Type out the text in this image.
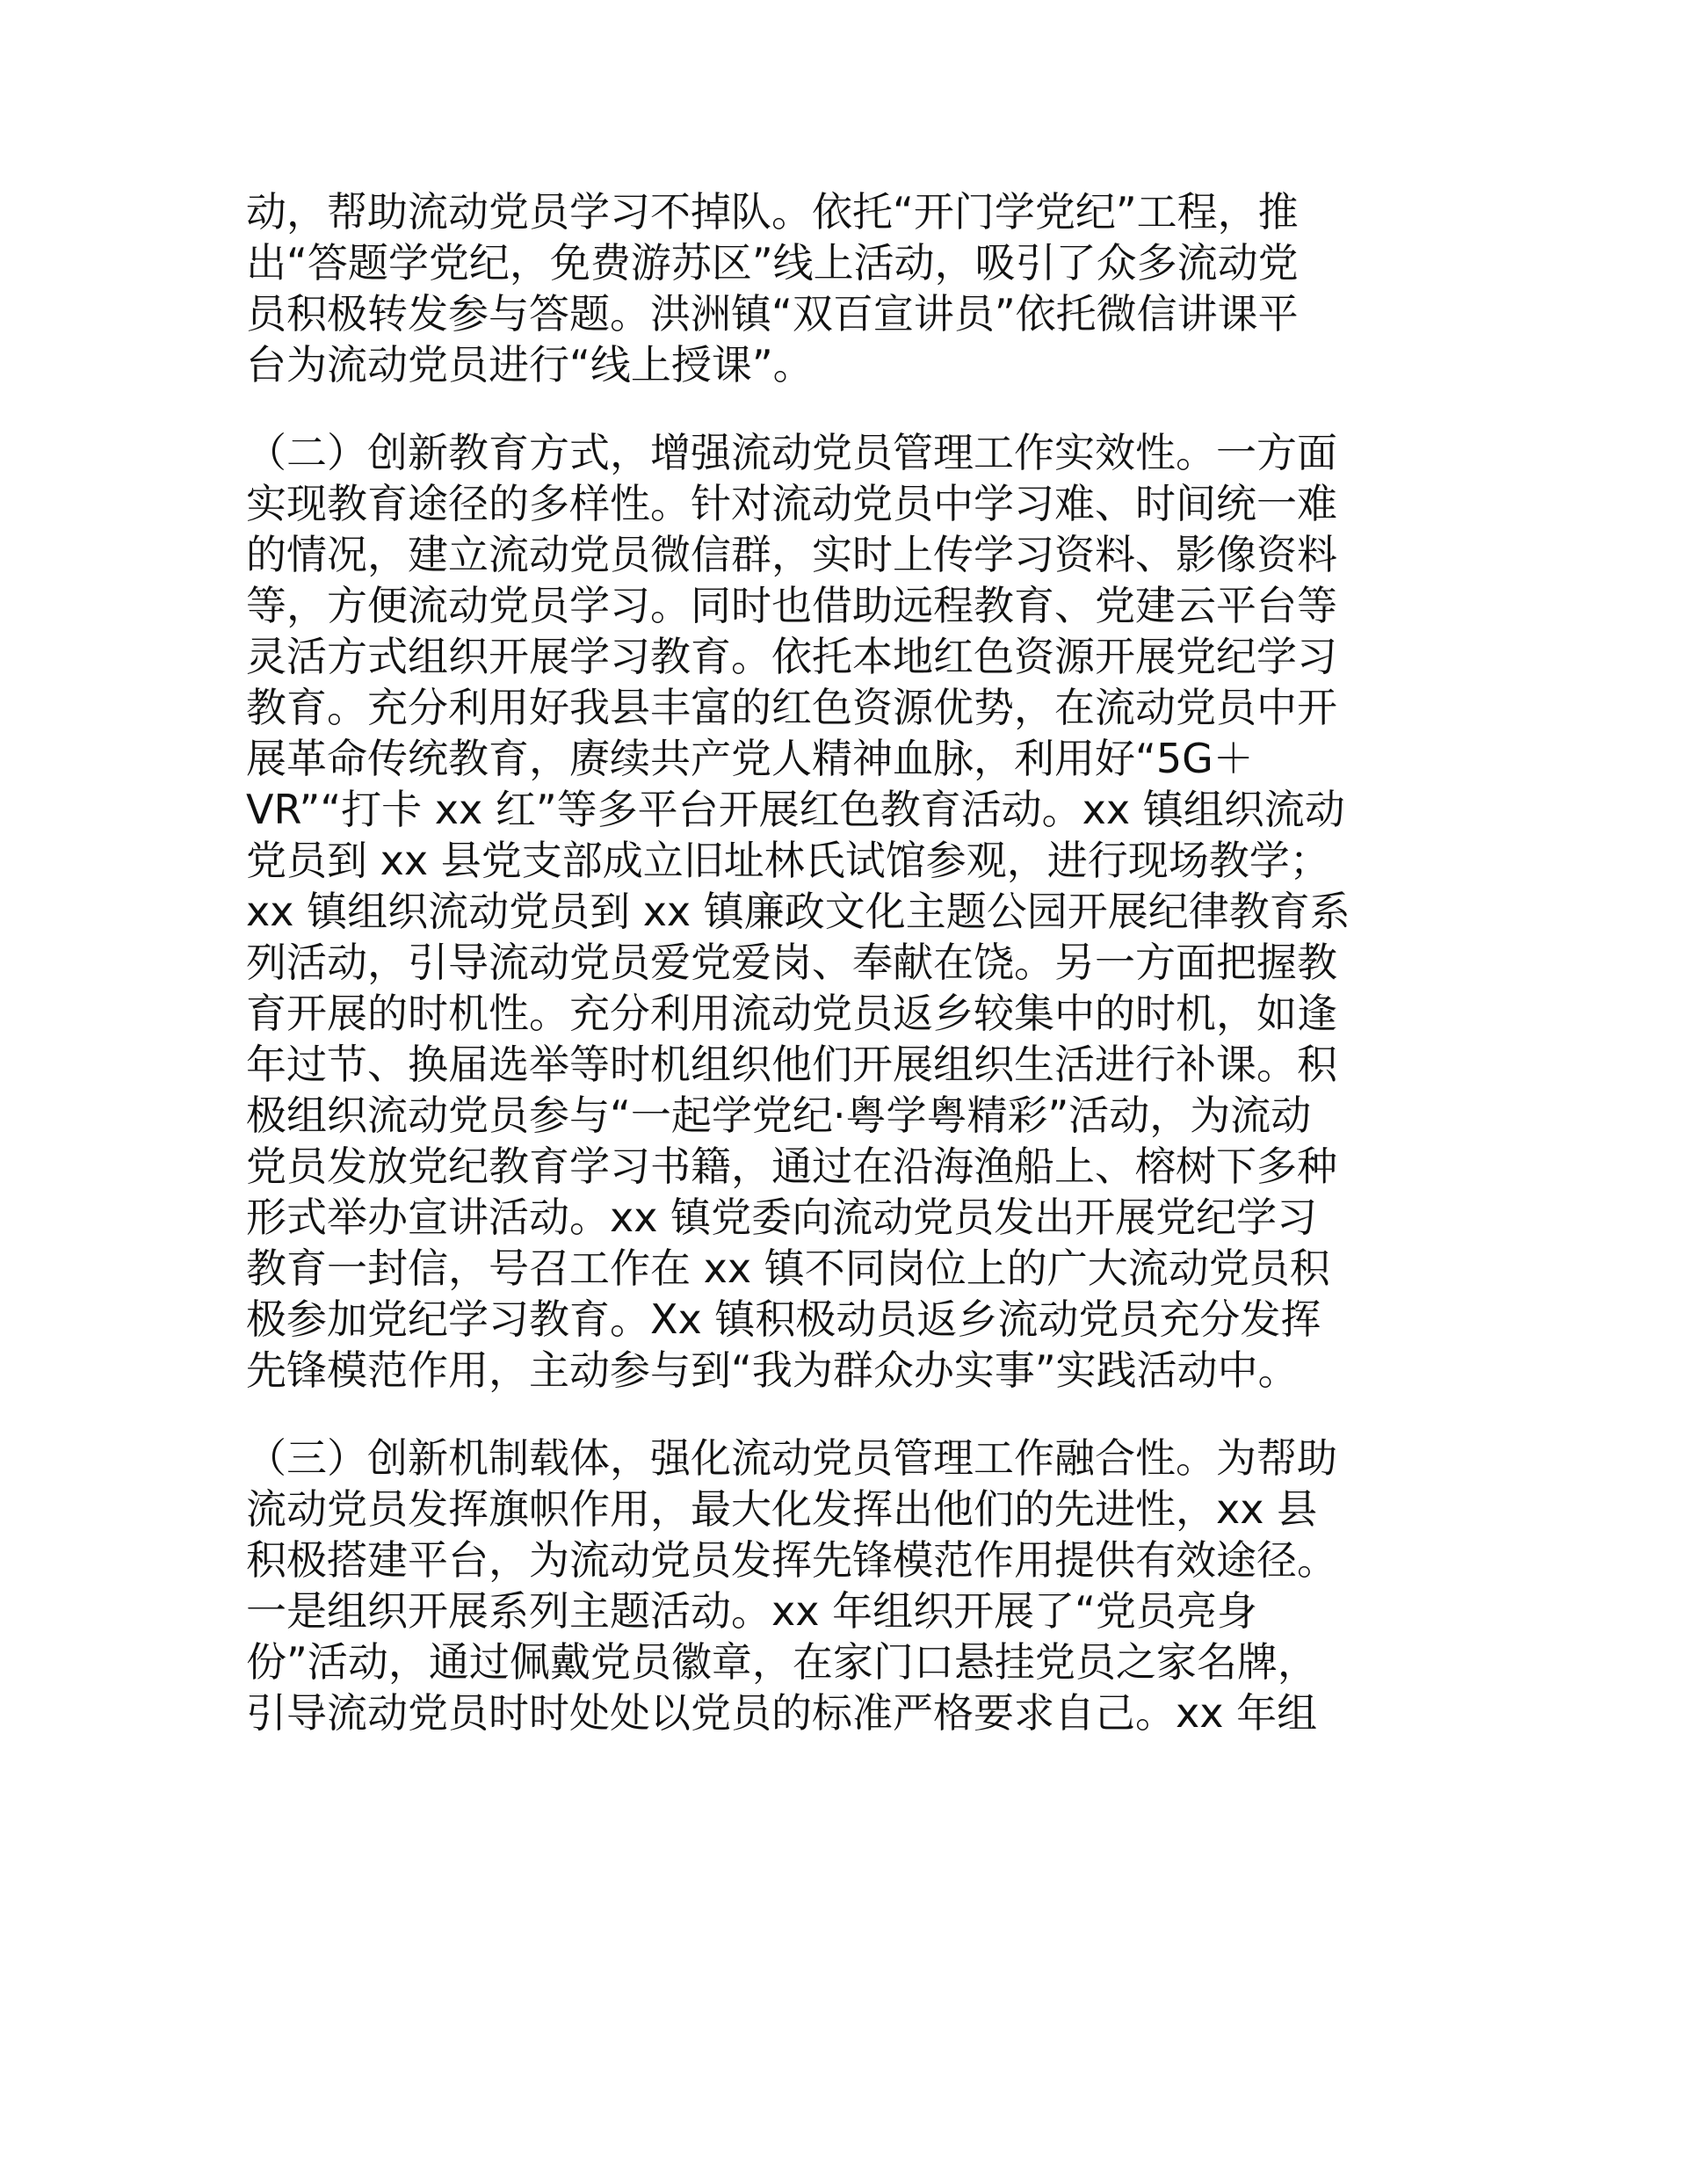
动，帮助流动党员学习不掉队。依托“开门学党纪”工程，推
出“答题学党纪，免费游苏区”线上活动，吸引了众多流动党
员积极转发参与答题。洪洲镇“双百宣讲员”依托微信讲课平
台为流动党员进行“线上授课”。
（二）创新教育方式，增强流动党员管理工作实效性。一方面
实现教育途径的多样性。针对流动党员中学习难、时间统一难
的情况，建立流动党员微信群，实时上传学习资料、影像资料
等，方便流动党员学习。同时也借助远程教育、党建云平台等
灵活方式组织开展学习教育。依托本地红色资源开展党纪学习
教育。充分利用好我县丰富的红色资源优势，在流动党员中开
展革命传统教育，赓续共产党人精神血脉，利用好“5G＋
VR”“打卡 xx 红”等多平台开展红色教育活动。xx 镇组织流动
党员到 xx 县党支部成立旧址林氏试馆参观，进行现场教学；
xx 镇组织流动党员到 xx 镇廉政文化主题公园开展纪律教育系
列活动，引导流动党员爱党爱岗、奉献在饶。另一方面把握教
育开展的时机性。充分利用流动党员返乡较集中的时机，如逢
年过节、换届选举等时机组织他们开展组织生活进行补课。积
极组织流动党员参与“一起学党纪·粤学粤精彩”活动，为流动
党员发放党纪教育学习书籍，通过在沿海渔船上、榕树下多种
形式举办宣讲活动。xx 镇党委向流动党员发出开展党纪学习
教育一封信，号召工作在 xx 镇不同岗位上的广大流动党员积
极参加党纪学习教育。Xx 镇积极动员返乡流动党员充分发挥
先锋模范作用，主动参与到“我为群众办实事”实践活动中。
（三）创新机制载体，强化流动党员管理工作融合性。为帮助
流动党员发挥旗帜作用，最大化发挥出他们的先进性，xx 县
积极搭建平台，为流动党员发挥先锋模范作用提供有效途径。
一是组织开展系列主题活动。xx 年组织开展了“党员亮身
份”活动，通过佩戴党员徽章，在家门口悬挂党员之家名牌，
引导流动党员时时处处以党员的标准严格要求自己。xx 年组
